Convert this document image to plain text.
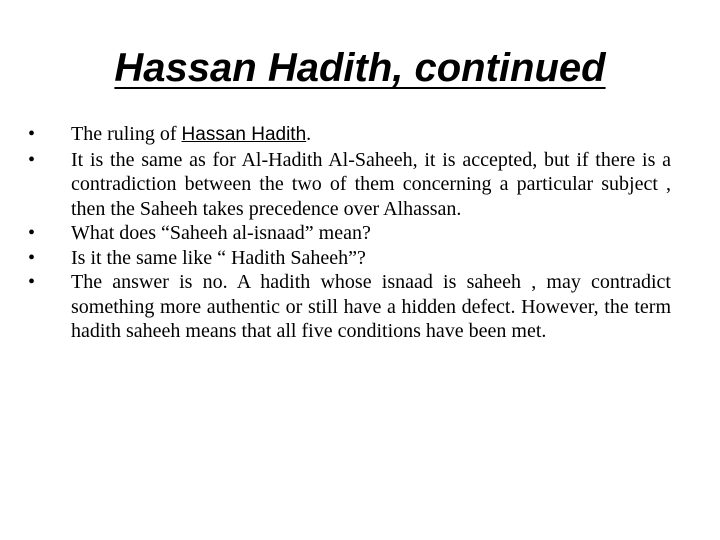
Hassan Hadith, continued
•	The ruling of Hassan Hadith.
•	It is the same as for Al-Hadith Al-Saheeh, it is accepted, but if there is a contradiction between the two of them concerning a particular subject , then the Saheeh takes precedence over Alhassan.
•	What does “Saheeh al-isnaad” mean?
•	Is it the same like “ Hadith Saheeh”?
•	The answer is no. A hadith whose isnaad is saheeh , may contradict something more authentic or still have a hidden defect. However, the term hadith saheeh means that all five conditions have been met.
